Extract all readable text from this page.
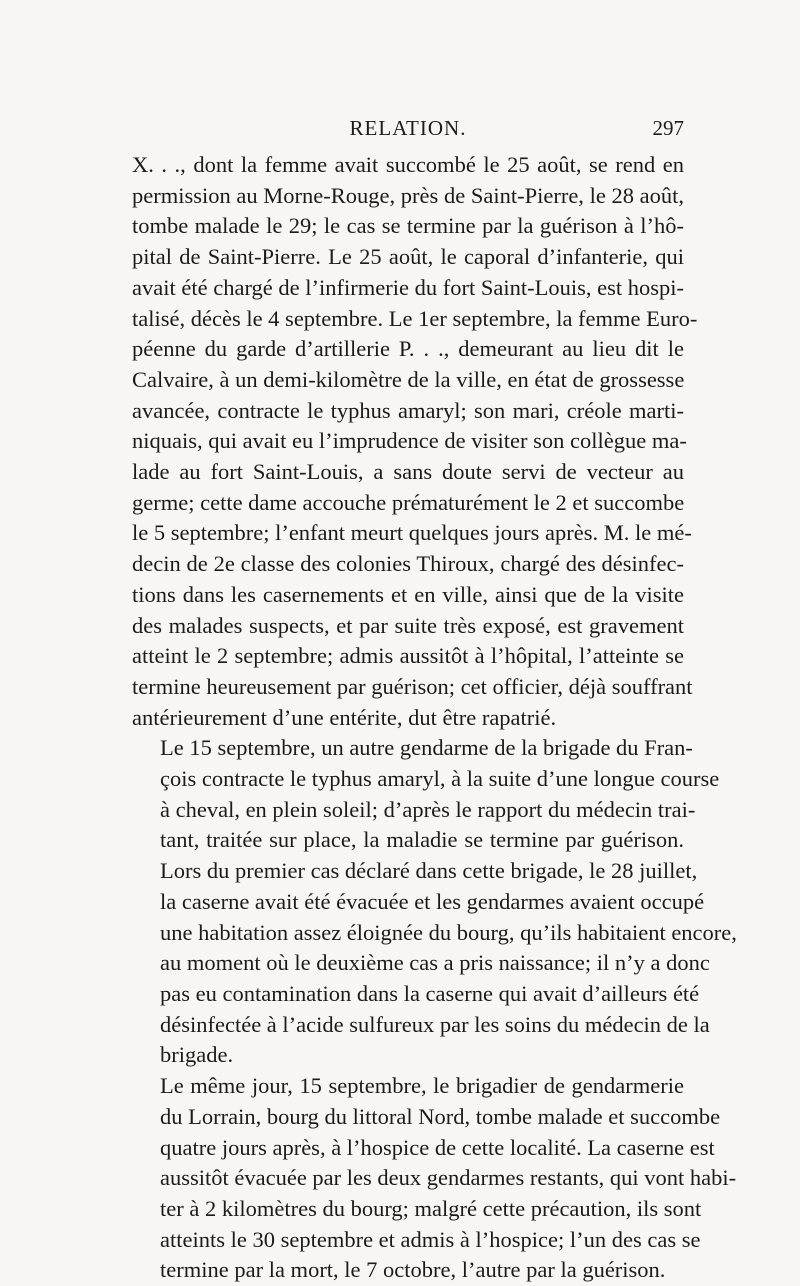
RELATION.	297

X. . ., dont la femme avait succombé le 25 août, se rend en
permission au Morne-Rouge, près de Saint-Pierre, le 28 août,
tombe malade le 29; le cas se termine par la guérison à l’hô-
pital de Saint-Pierre. Le 25 août, le caporal d’infanterie, qui
avait été chargé de l’infirmerie du fort Saint-Louis, est hospi-
talisé, décès le 4 septembre. Le 1er septembre, la femme Euro-
péenne du garde d’artillerie P. . ., demeurant au lieu dit le
Calvaire, à un demi-kilomètre de la ville, en état de grossesse
avancée, contracte le typhus amaryl; son mari, créole marti-
niquais, qui avait eu l’imprudence de visiter son collègue ma-
lade au fort Saint-Louis, a sans doute servi de vecteur au
germe; cette dame accouche prématurément le 2 et succombe
le 5 septembre; l’enfant meurt quelques jours après. M. le mé-
decin de 2e classe des colonies Thiroux, chargé des désinfec-
tions dans les casernements et en ville, ainsi que de la visite
des malades suspects, et par suite très exposé, est gravement
atteint le 2 septembre; admis aussitôt à l’hôpital, l’atteinte se
termine heureusement par guérison; cet officier, déjà souffrant
antérieurement d’une entérite, dut être rapatrié.

Le 15 septembre, un autre gendarme de la brigade du Fran-
çois contracte le typhus amaryl, à la suite d’une longue course
à cheval, en plein soleil; d’après le rapport du médecin trai-
tant, traitée sur place, la maladie se termine par guérison.
Lors du premier cas déclaré dans cette brigade, le 28 juillet,
la caserne avait été évacuée et les gendarmes avaient occupé
une habitation assez éloignée du bourg, qu’ils habitaient encore,
au moment où le deuxième cas a pris naissance; il n’y a donc
pas eu contamination dans la caserne qui avait d’ailleurs été
désinfectée à l’acide sulfureux par les soins du médecin de la
brigade.

Le même jour, 15 septembre, le brigadier de gendarmerie
du Lorrain, bourg du littoral Nord, tombe malade et succombe
quatre jours après, à l’hospice de cette localité. La caserne est
aussitôt évacuée par les deux gendarmes restants, qui vont habi-
ter à 2 kilomètres du bourg; malgré cette précaution, ils sont
atteints le 30 septembre et admis à l’hospice; l’un des cas se
termine par la mort, le 7 octobre, l’autre par la guérison.
